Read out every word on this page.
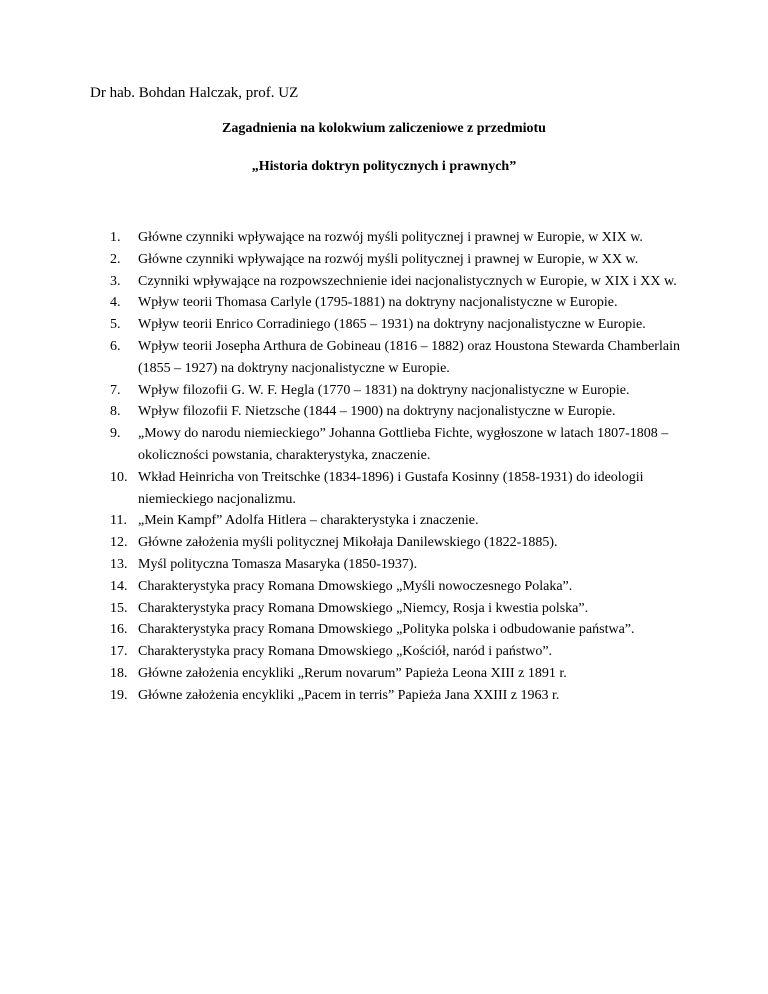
Dr hab. Bohdan Halczak, prof. UZ
Zagadnienia na kolokwium zaliczeniowe z przedmiotu
„Historia doktryn politycznych i prawnych”
1.	Główne czynniki wpływające na rozwój myśli politycznej i prawnej w Europie, w XIX w.
2.	Główne czynniki wpływające na rozwój myśli politycznej i prawnej w Europie, w XX w.
3.	Czynniki wpływające na rozpowszechnienie idei nacjonalistycznych w Europie, w XIX i XX w.
4.	Wpływ teorii Thomasa Carlyle (1795-1881) na doktryny nacjonalistyczne w Europie.
5.	Wpływ teorii Enrico Corradiniego (1865 – 1931) na doktryny nacjonalistyczne w Europie.
6.	Wpływ teorii Josepha Arthura de Gobineau (1816 – 1882) oraz Houstona Stewarda Chamberlain (1855 – 1927) na doktryny nacjonalistyczne w Europie.
7.	Wpływ filozofii G. W. F. Hegla (1770 – 1831) na doktryny nacjonalistyczne w Europie.
8.	Wpływ filozofii F. Nietzsche (1844 – 1900) na doktryny nacjonalistyczne w Europie.
9.	„Mowy do narodu niemieckiego” Johanna Gottlieba Fichte, wygłoszone w latach 1807-1808 – okoliczności powstania, charakterystyka, znaczenie.
10. Wkład Heinricha von Treitschke (1834-1896) i Gustafa Kosinny (1858-1931) do ideologii niemieckiego nacjonalizmu.
11. „Mein Kampf” Adolfa Hitlera – charakterystyka i znaczenie.
12. Główne założenia myśli politycznej Mikołaja Danilewskiego (1822-1885).
13. Myśl polityczna Tomasza Masaryka (1850-1937).
14. Charakterystyka pracy Romana Dmowskiego „Myśli nowoczesnego Polaka”.
15. Charakterystyka pracy Romana Dmowskiego „Niemcy, Rosja i kwestia polska”.
16. Charakterystyka pracy Romana Dmowskiego „Polityka polska i odbudowanie państwa”.
17. Charakterystyka pracy Romana Dmowskiego „Kościół, naród i państwo”.
18. Główne założenia encykliki „Rerum novarum” Papieża Leona XIII z 1891 r.
19. Główne założenia encykliki „Pacem in terris” Papieża Jana XXIII z 1963 r.
